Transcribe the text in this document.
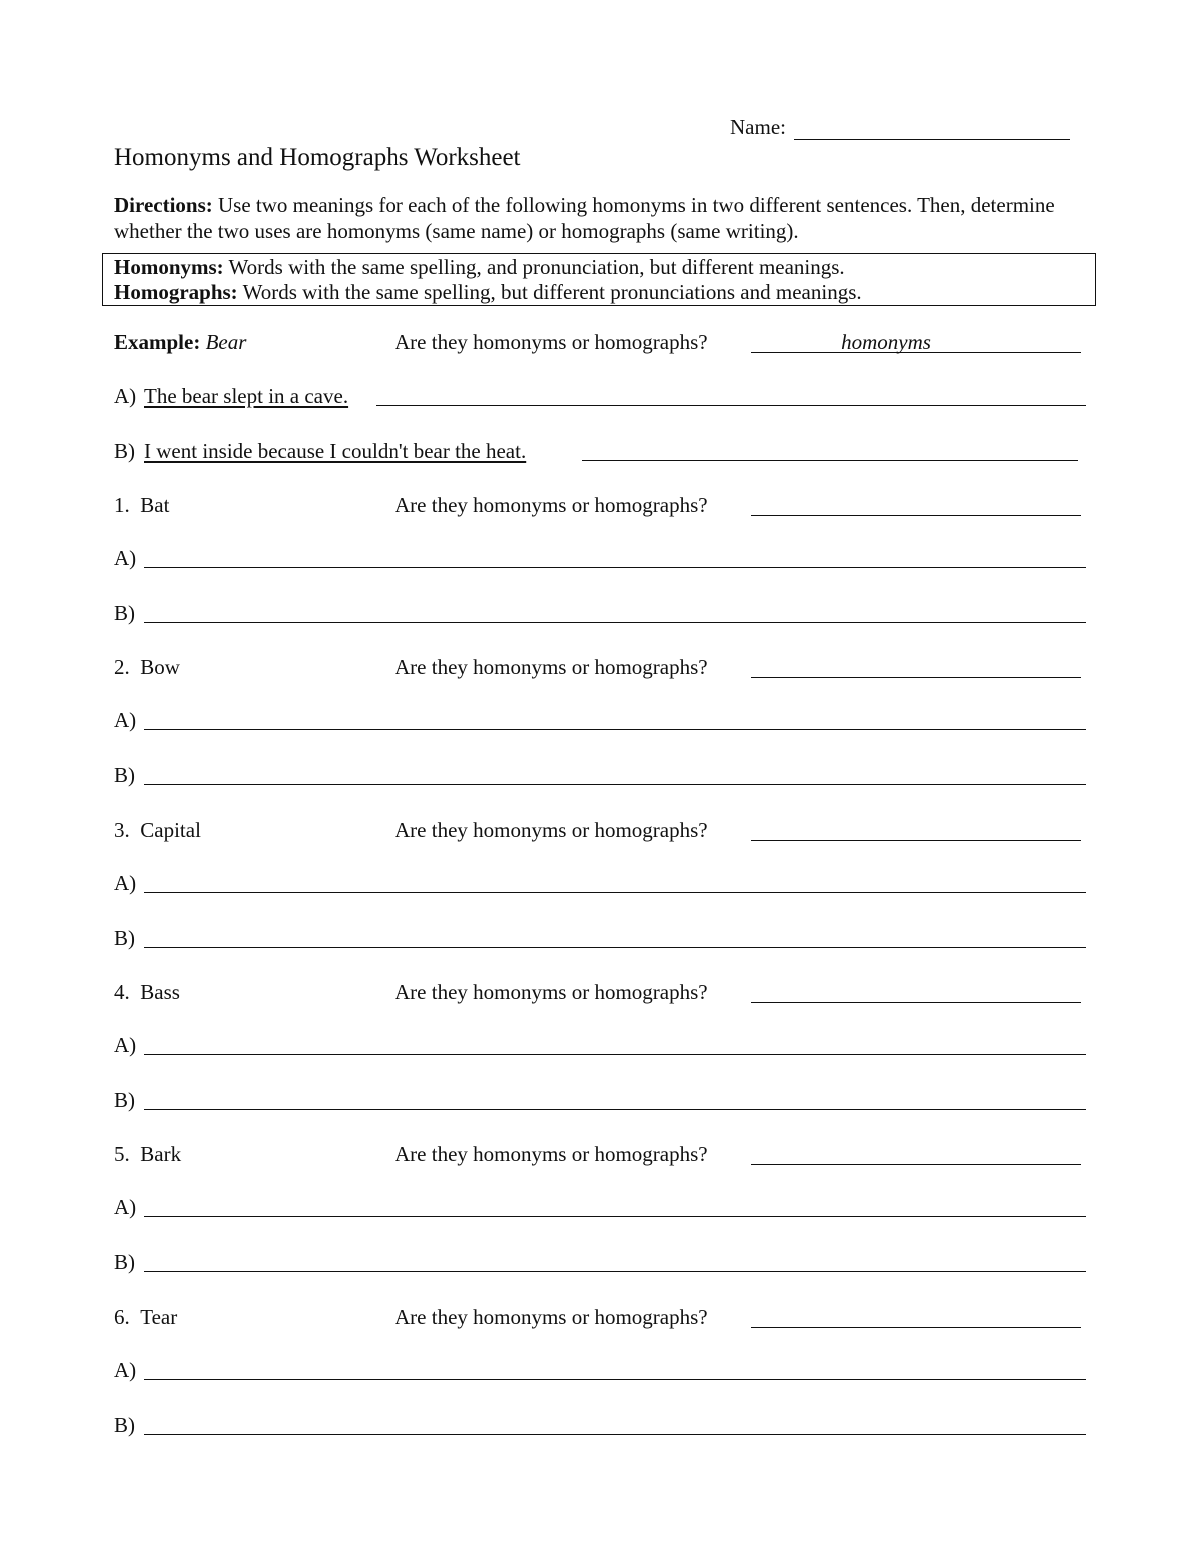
Name:
Homonyms and Homographs Worksheet
Directions: Use two meanings for each of the following homonyms in two different sentences. Then, determine whether the two uses are homonyms (same name) or homographs (same writing).
Homonyms: Words with the same spelling, and pronunciation, but different meanings.
Homographs: Words with the same spelling, but different pronunciations and meanings.
Example: Bear	Are they homonyms or homographs?	homonyms
A) The bear slept in a cave.
B) I went inside because I couldn't bear the heat.
1. Bat	Are they homonyms or homographs?
A)
B)
2. Bow	Are they homonyms or homographs?
A)
B)
3. Capital	Are they homonyms or homographs?
A)
B)
4. Bass	Are they homonyms or homographs?
A)
B)
5. Bark	Are they homonyms or homographs?
A)
B)
6. Tear	Are they homonyms or homographs?
A)
B)
